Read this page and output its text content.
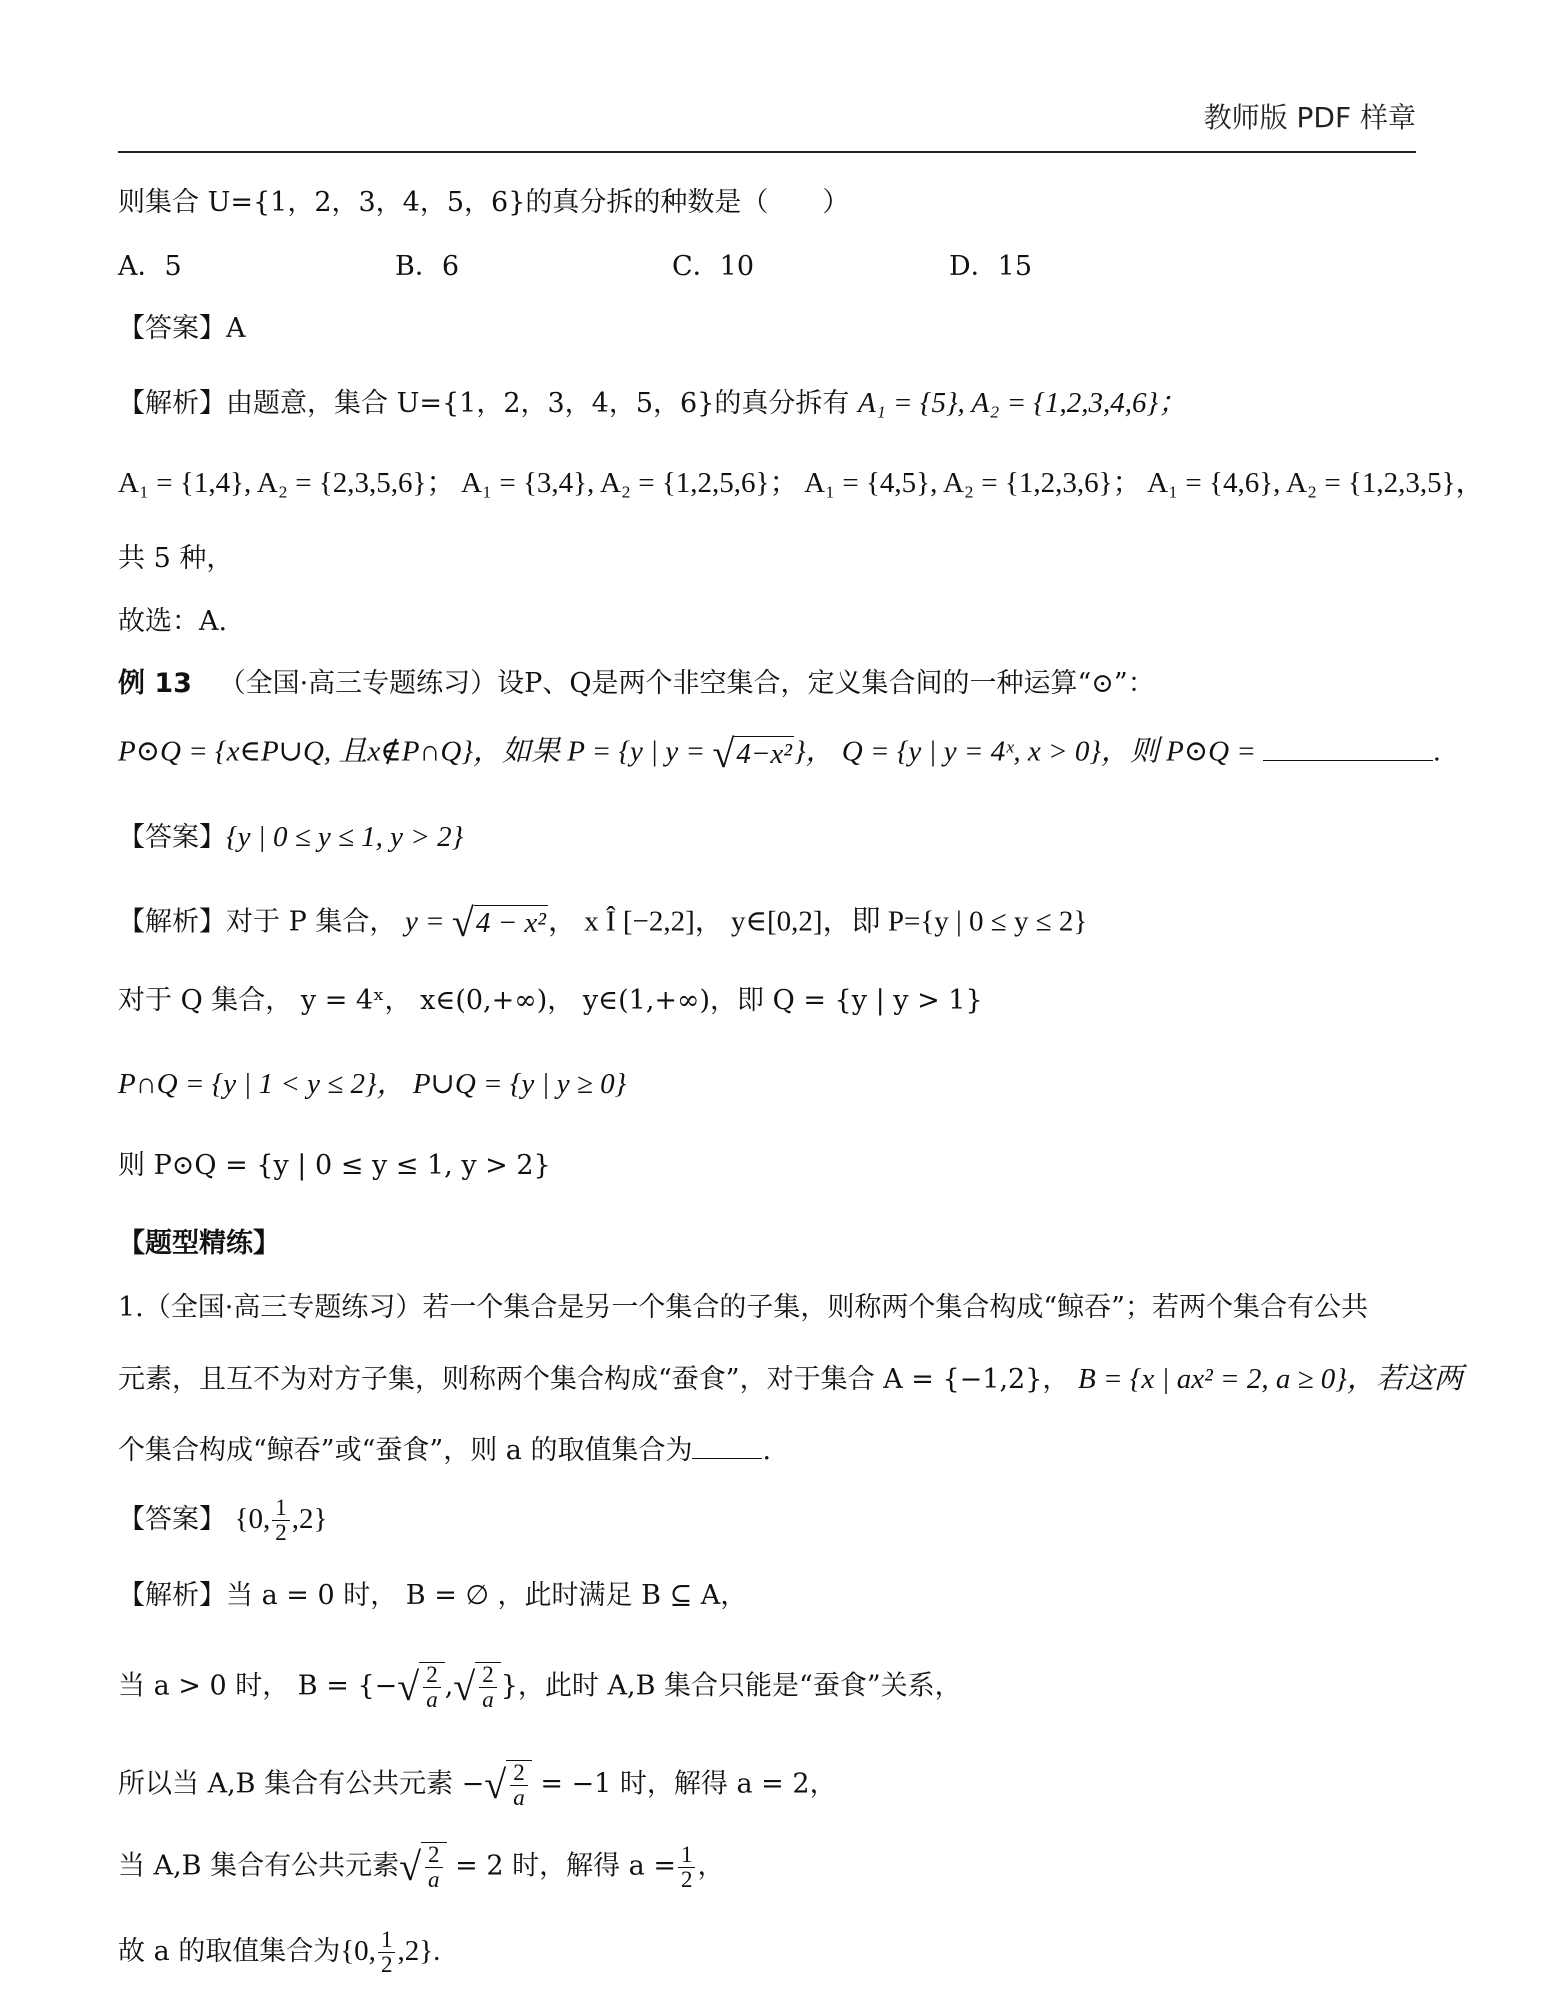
教师版 PDF 样章
则集合 U={1，2，3，4，5，6}的真分拆的种数是（　　）
A．5	B．6	C．10	D．15
【答案】A
【解析】由题意，集合 U={1，2，3，4，5，6}的真分拆有 A₁ = {5}, A₂ = {1,2,3,4,6}；
A₁ = {1,4}, A₂ = {2,3,5,6}； A₁ = {3,4}, A₂ = {1,2,5,6}； A₁ = {4,5}, A₂ = {1,2,3,6}； A₁ = {4,6}, A₂ = {1,2,3,5}，
共 5 种，
故选：A.
例 13 （全国·高三专题练习）设P、Q是两个非空集合，定义集合间的一种运算“⊙”：
P⊙Q = {x∈P∪Q, 且x∉P∩Q}，如果 P = {y | y = √ 4−x² }， Q = {y | y = 4ˣ, x > 0}，则 P⊙Q =	.
【答案】{y | 0 ≤ y ≤ 1, y > 2}
【解析】对于 P 集合， y = √ 4 − x² ， x Î [−2,2]， y∈[0,2]，即 P={y | 0 ≤ y ≤ 2}
对于 Q 集合， y = 4ˣ， x∈(0,+∞)， y∈(1,+∞)，即 Q = {y | y > 1}
P∩Q = {y | 1 < y ≤ 2}， P∪Q = {y | y ≥ 0}
则 P⊙Q = {y | 0 ≤ y ≤ 1, y > 2}
【题型精练】
1.（全国·高三专题练习）若一个集合是另一个集合的子集，则称两个集合构成“鲸吞”；若两个集合有公共
元素，且互不为对方子集，则称两个集合构成“蚕食”，对于集合 A = {−1,2}， B = {x | ax² = 2, a ≥ 0}，若这两
个集合构成“鲸吞”或“蚕食”，则 a 的取值集合为	.
【答案】 {0, $\frac{1}{2} ,2$}
【解析】当 a = 0 时， B = ∅ ，此时满足 B ⊆ A，
当 a > 0 时， B = {− √ $\frac{2}{a}$ , √ $\frac{2}{a}$ }，此时 A,B 集合只能是“蚕食”关系，
所以当 A,B 集合有公共元素 − √ $\frac{2}{a} = -1$ 时，解得 a = 2，
当 A,B 集合有公共元素 √ $\frac{2}{a} = 2$ 时，解得 $a = \frac{1}{2}$ ，
故 a 的取值集合为{0, $\frac{1}{2} ,2$}.
